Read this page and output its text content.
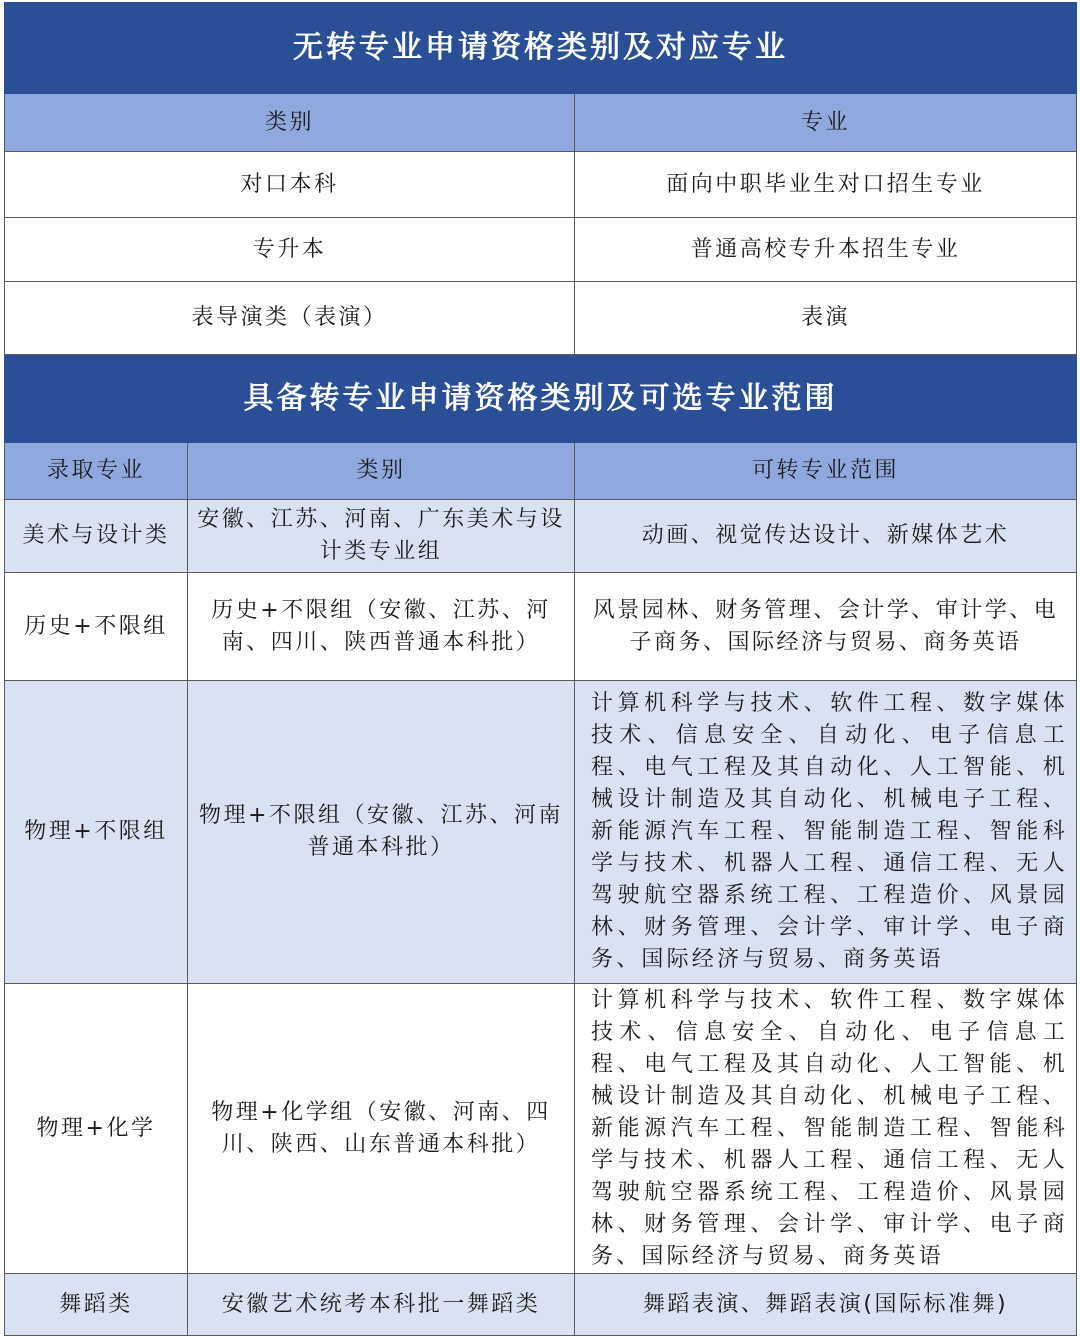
无转专业申请资格类别及对应专业		
类别		专业
对口本科		面向中职毕业生对口招生专业
专升本		普通高校专升本招生专业
表导演类（表演）		表演
具备转专业申请资格类别及可选专业范围		
录取专业	类别	可转专业范围
美术与设计类	安徽、江苏、河南、广东美术与设计类专业组	动画、视觉传达设计、新媒体艺术
历史+不限组	历史+不限组（安徽、江苏、河南、四川、陕西普通本科批）	风景园林、财务管理、会计学、审计学、电子商务、国际经济与贸易、商务英语
物理+不限组	物理+不限组（安徽、江苏、河南普通本科批）	计算机科学与技术、软件工程、数字媒体技术、信息安全、自动化、电子信息工程、电气工程及其自动化、人工智能、机械设计制造及其自动化、机械电子工程、新能源汽车工程、智能制造工程、智能科学与技术、机器人工程、通信工程、无人驾驶航空器系统工程、工程造价、风景园林、财务管理、会计学、审计学、电子商务、国际经济与贸易、商务英语
物理+化学	物理+化学组（安徽、河南、四川、陕西、山东普通本科批）	计算机科学与技术、软件工程、数字媒体技术、信息安全、自动化、电子信息工程、电气工程及其自动化、人工智能、机械设计制造及其自动化、机械电子工程、新能源汽车工程、智能制造工程、智能科学与技术、机器人工程、通信工程、无人驾驶航空器系统工程、工程造价、风景园林、财务管理、会计学、审计学、电子商务、国际经济与贸易、商务英语
舞蹈类	安徽艺术统考本科批一舞蹈类	舞蹈表演、舞蹈表演(国际标准舞)
